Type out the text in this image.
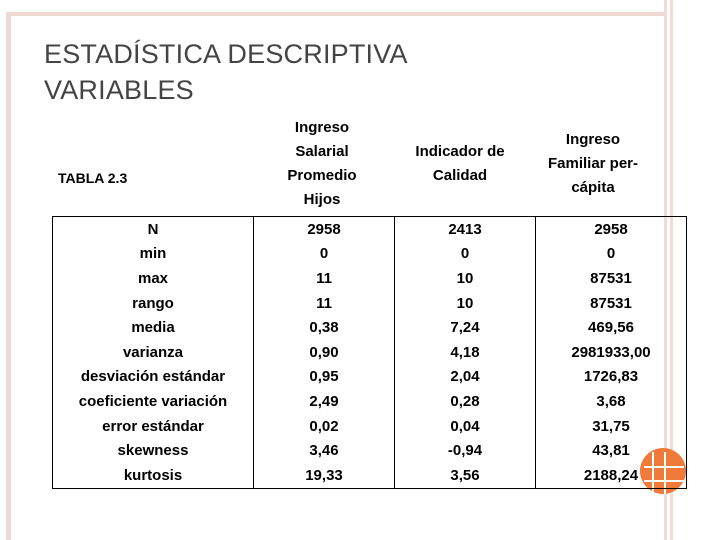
ESTADÍSTICA DESCRIPTIVA
VARIABLES
TABLA 2.3
Ingreso
Salarial
Promedio
Hijos
Indicador de
Calidad
Ingreso
Familiar per-
cápita
N	2958	2413	2958
min	0	0	0
max	11	10	87531
rango	11	10	87531
media	0,38	7,24	469,56
varianza	0,90	4,18	2981933,00
desviación estándar	0,95	2,04	1726,83
coeficiente variación	2,49	0,28	3,68
error estándar	0,02	0,04	31,75
skewness	3,46	-0,94	43,81
kurtosis	19,33	3,56	2188,24
